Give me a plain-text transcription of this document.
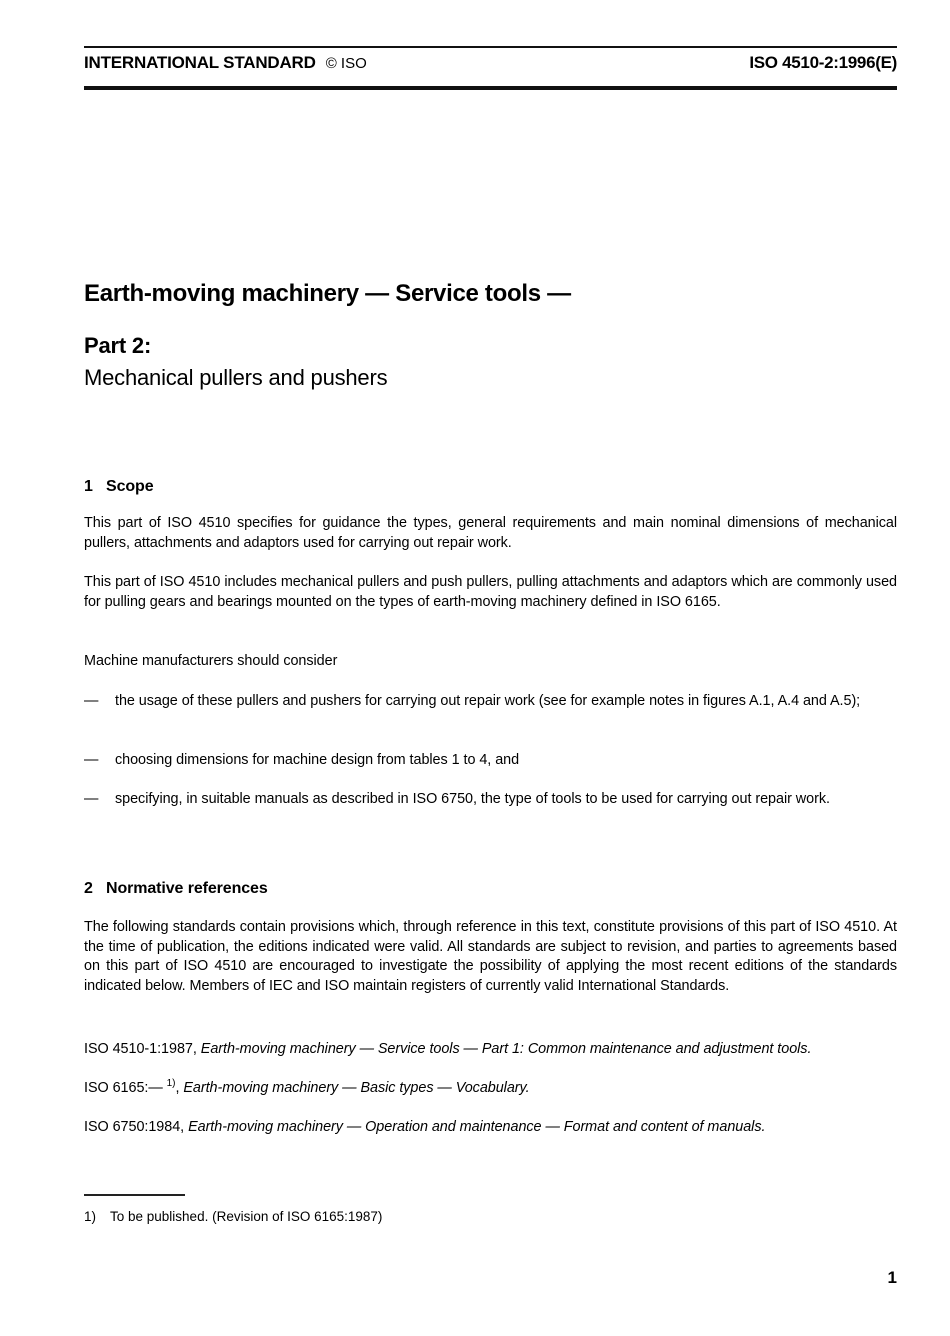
INTERNATIONAL STANDARD © ISO	ISO 4510-2:1996(E)
Earth-moving machinery — Service tools —
Part 2:
Mechanical pullers and pushers
1 Scope
This part of ISO 4510 specifies for guidance the types, general requirements and main nominal dimensions of mechanical pullers, attachments and adaptors used for carrying out repair work.
This part of ISO 4510 includes mechanical pullers and push pullers, pulling attachments and adaptors which are commonly used for pulling gears and bearings mounted on the types of earth-moving machinery defined in ISO 6165.
Machine manufacturers should consider
—	the usage of these pullers and pushers for carrying out repair work (see for example notes in figures A.1, A.4 and A.5);
—	choosing dimensions for machine design from tables 1 to 4, and
—	specifying, in suitable manuals as described in ISO 6750, the type of tools to be used for carrying out repair work.
2 Normative references
The following standards contain provisions which, through reference in this text, constitute provisions of this part of ISO 4510. At the time of publication, the editions indicated were valid. All standards are subject to revision, and parties to agreements based on this part of ISO 4510 are encouraged to investigate the possibility of applying the most recent editions of the standards indicated below. Members of IEC and ISO maintain registers of currently valid International Standards.
ISO 4510-1:1987, Earth-moving machinery — Service tools — Part 1: Common maintenance and adjustment tools.
ISO 6165:— $^{1)}$, Earth-moving machinery — Basic types — Vocabulary.
ISO 6750:1984, Earth-moving machinery — Operation and maintenance — Format and content of manuals.
1) To be published. (Revision of ISO 6165:1987)
1
